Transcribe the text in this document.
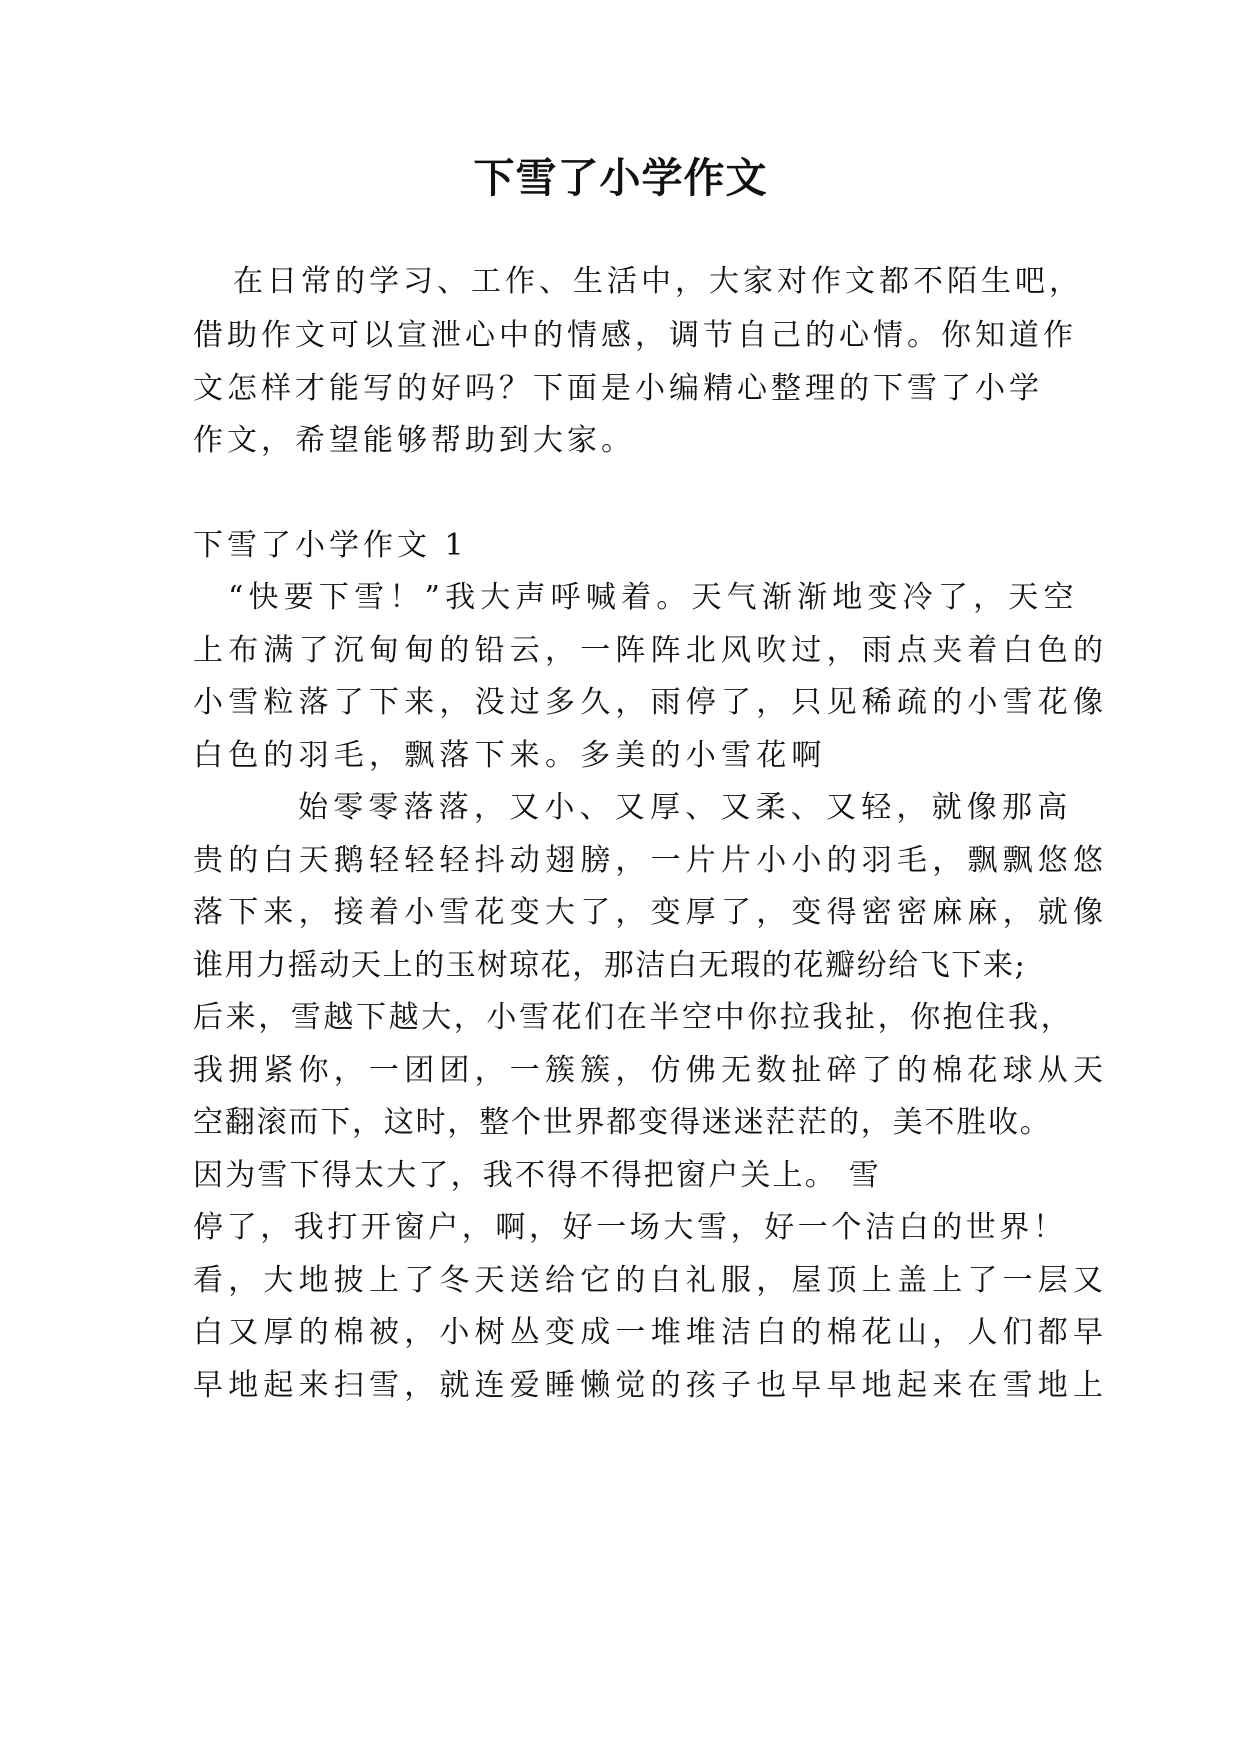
下雪了小学作文
在日常的学习、工作、生活中，大家对作文都不陌生吧，
借助作文可以宣泄心中的情感，调节自己的心情。你知道作
文怎样才能写的好吗？下面是小编精心整理的下雪了小学
作文，希望能够帮助到大家。
下雪了小学作文 1
“快要下雪！”我大声呼喊着。天气渐渐地变冷了，天空
上布满了沉甸甸的铅云，一阵阵北风吹过，雨点夹着白色的
小雪粒落了下来，没过多久，雨停了，只见稀疏的小雪花像
白色的羽毛，飘落下来。多美的小雪花啊
始零零落落，又小、又厚、又柔、又轻，就像那高
贵的白天鹅轻轻轻抖动翅膀，一片片小小的羽毛，飘飘悠悠
落下来，接着小雪花变大了，变厚了，变得密密麻麻，就像
谁用力摇动天上的玉树琼花，那洁白无瑕的花瓣纷给飞下来;
后来，雪越下越大，小雪花们在半空中你拉我扯，你抱住我，
我拥紧你，一团团，一簇簇，仿佛无数扯碎了的棉花球从天
空翻滚而下，这时，整个世界都变得迷迷茫茫的，美不胜收。
因为雪下得太大了，我不得不得把窗户关上。 雪
停了，我打开窗户，啊，好一场大雪，好一个洁白的世界！
看，大地披上了冬天送给它的白礼服，屋顶上盖上了一层又
白又厚的棉被，小树丛变成一堆堆洁白的棉花山，人们都早
早地起来扫雪，就连爱睡懒觉的孩子也早早地起来在雪地上
